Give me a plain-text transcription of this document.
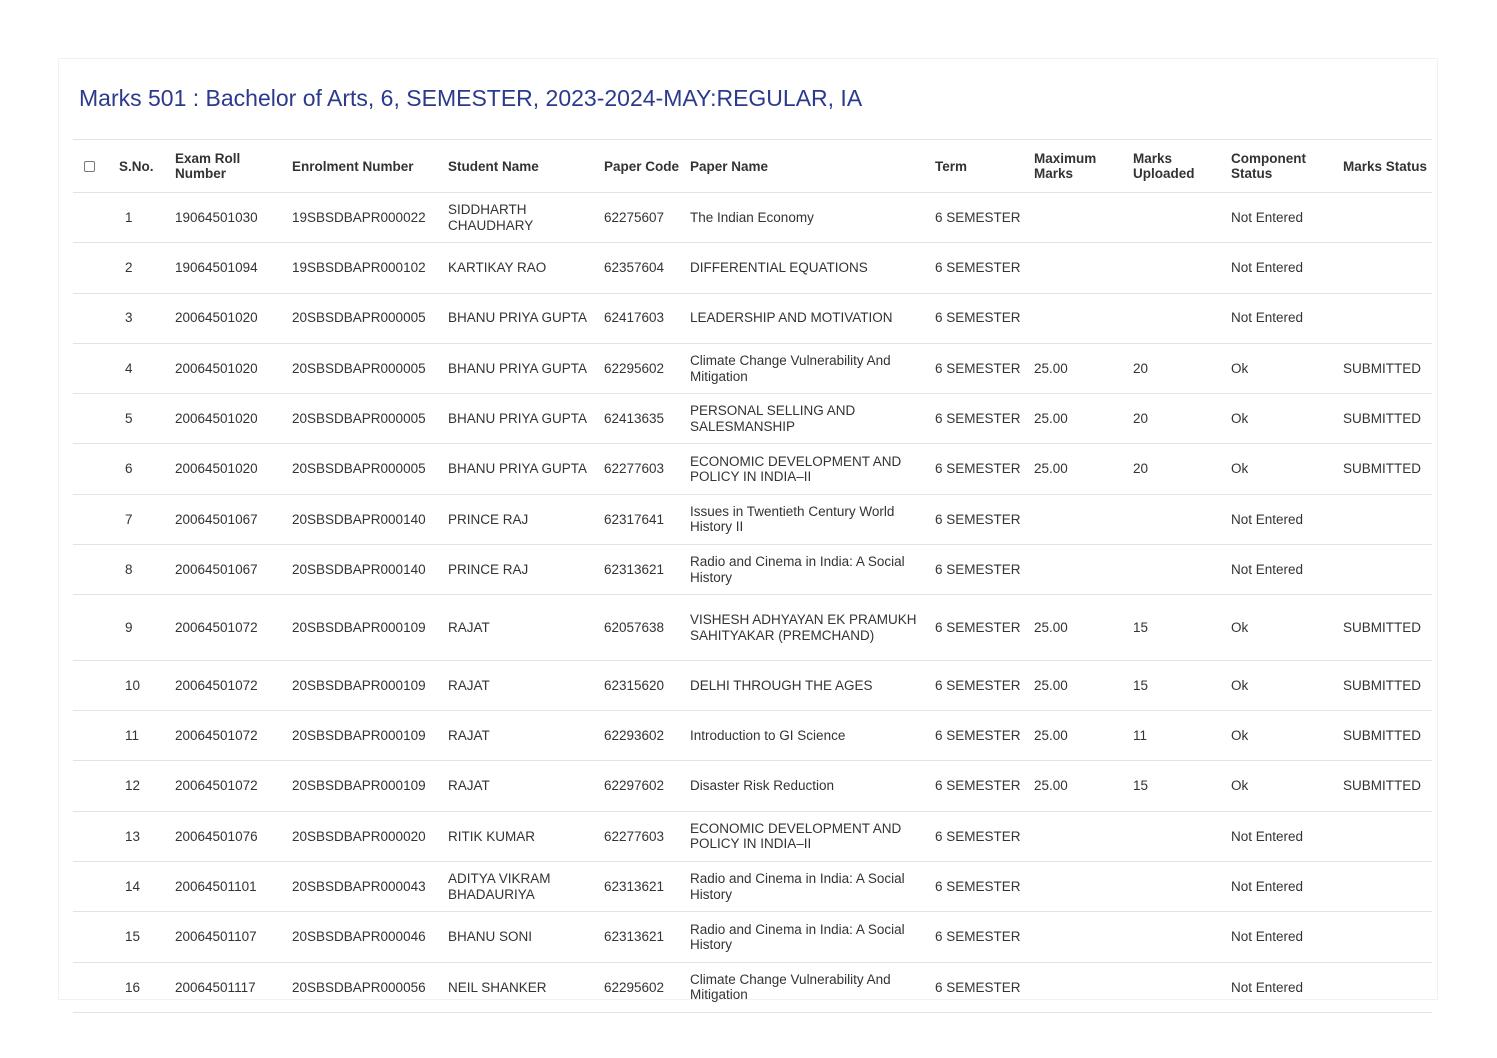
Marks 501 : Bachelor of Arts, 6, SEMESTER, 2023-2024-MAY:REGULAR, IA
	S.No.	Exam Roll Number	Enrolment Number	Student Name	Paper Code	Paper Name	Term	Maximum Marks	Marks Uploaded	Component Status	Marks Status
	1	19064501030	19SBSDBAPR000022	SIDDHARTH CHAUDHARY	62275607	The Indian Economy	6 SEMESTER			Not Entered	
	2	19064501094	19SBSDBAPR000102	KARTIKAY RAO	62357604	DIFFERENTIAL EQUATIONS	6 SEMESTER			Not Entered	
	3	20064501020	20SBSDBAPR000005	BHANU PRIYA GUPTA	62417603	LEADERSHIP AND MOTIVATION	6 SEMESTER			Not Entered	
	4	20064501020	20SBSDBAPR000005	BHANU PRIYA GUPTA	62295602	Climate Change Vulnerability And Mitigation	6 SEMESTER	25.00	20	Ok	SUBMITTED
	5	20064501020	20SBSDBAPR000005	BHANU PRIYA GUPTA	62413635	PERSONAL SELLING AND SALESMANSHIP	6 SEMESTER	25.00	20	Ok	SUBMITTED
	6	20064501020	20SBSDBAPR000005	BHANU PRIYA GUPTA	62277603	ECONOMIC DEVELOPMENT AND POLICY IN INDIA–II	6 SEMESTER	25.00	20	Ok	SUBMITTED
	7	20064501067	20SBSDBAPR000140	PRINCE RAJ	62317641	Issues in Twentieth Century World History II	6 SEMESTER			Not Entered	
	8	20064501067	20SBSDBAPR000140	PRINCE RAJ	62313621	Radio and Cinema in India: A Social History	6 SEMESTER			Not Entered	
	9	20064501072	20SBSDBAPR000109	RAJAT	62057638	VISHESH ADHYAYAN EK PRAMUKH SAHITYAKAR (PREMCHAND)	6 SEMESTER	25.00	15	Ok	SUBMITTED
	10	20064501072	20SBSDBAPR000109	RAJAT	62315620	DELHI THROUGH THE AGES	6 SEMESTER	25.00	15	Ok	SUBMITTED
	11	20064501072	20SBSDBAPR000109	RAJAT	62293602	Introduction to GI Science	6 SEMESTER	25.00	11	Ok	SUBMITTED
	12	20064501072	20SBSDBAPR000109	RAJAT	62297602	Disaster Risk Reduction	6 SEMESTER	25.00	15	Ok	SUBMITTED
	13	20064501076	20SBSDBAPR000020	RITIK KUMAR	62277603	ECONOMIC DEVELOPMENT AND POLICY IN INDIA–II	6 SEMESTER			Not Entered	
	14	20064501101	20SBSDBAPR000043	ADITYA VIKRAM BHADAURIYA	62313621	Radio and Cinema in India: A Social History	6 SEMESTER			Not Entered	
	15	20064501107	20SBSDBAPR000046	BHANU SONI	62313621	Radio and Cinema in India: A Social History	6 SEMESTER			Not Entered	
	16	20064501117	20SBSDBAPR000056	NEIL SHANKER	62295602	Climate Change Vulnerability And Mitigation	6 SEMESTER			Not Entered	
